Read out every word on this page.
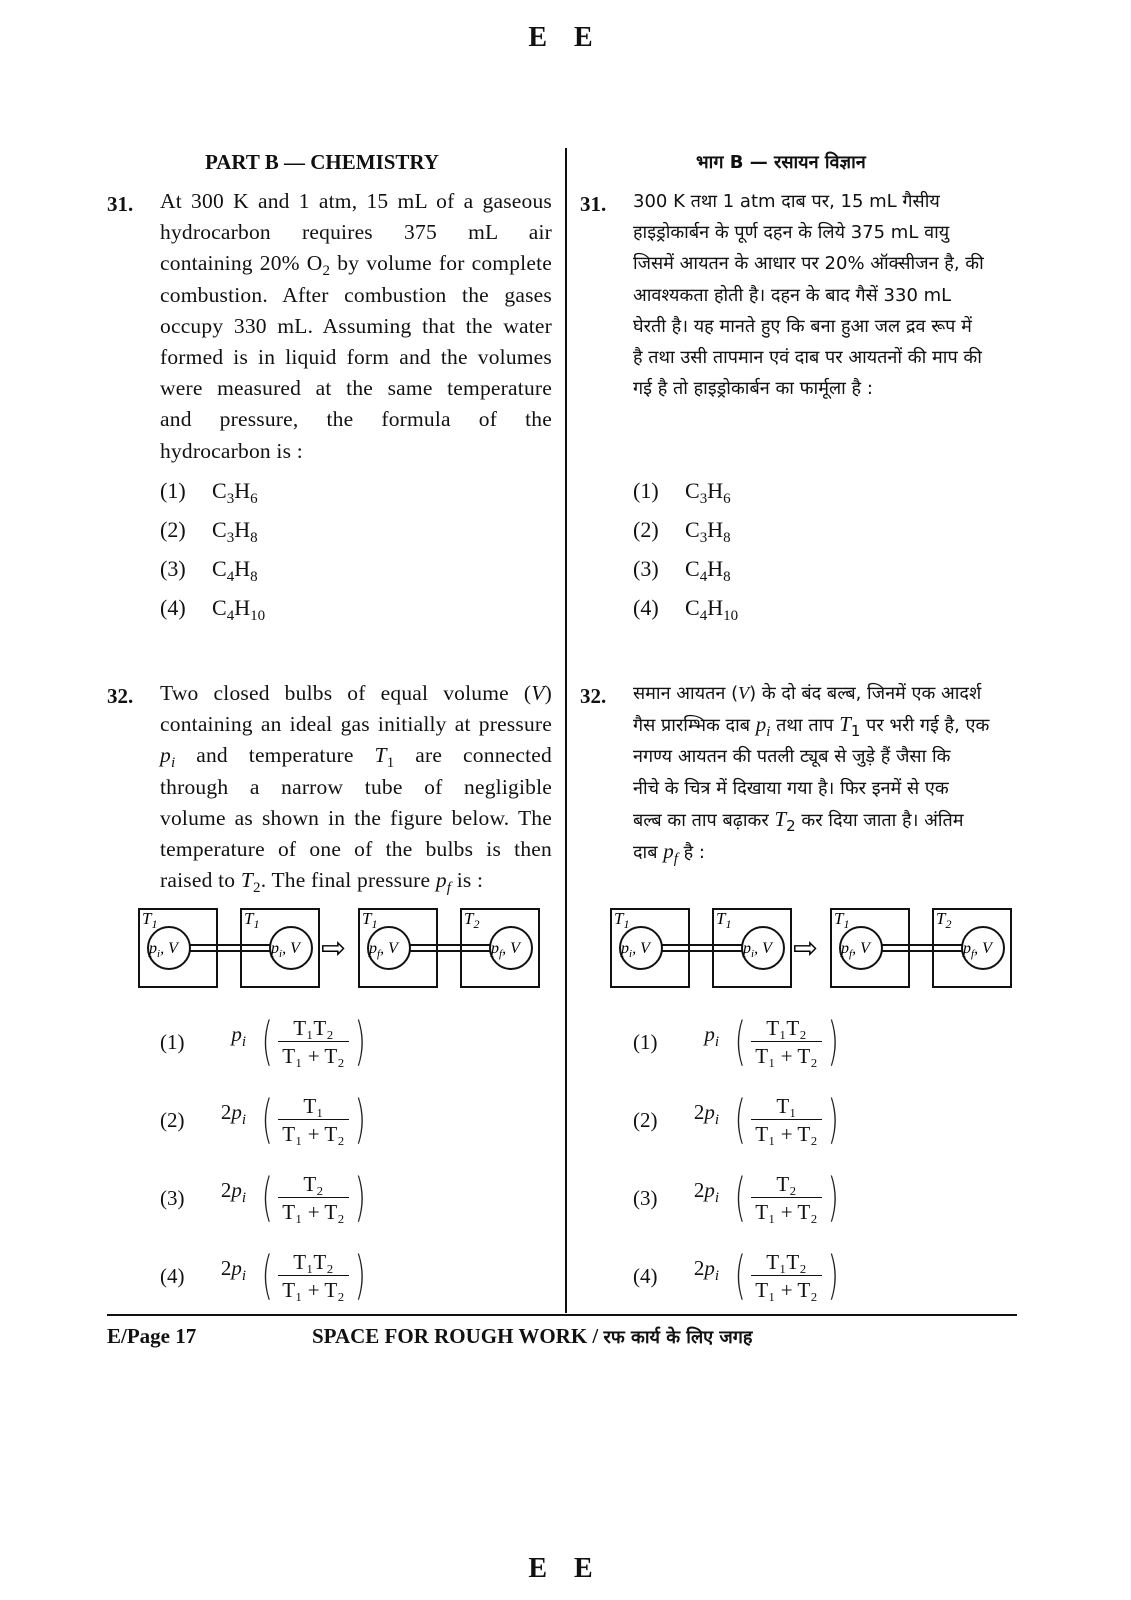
E E
PART B — CHEMISTRY	भाग B — रसायन विज्ञान
31. At 300 K and 1 atm, 15 mL of a gaseous
hydrocarbon requires 375 mL air
containing 20% $O_2$ by volume for complete
combustion. After combustion the gases
occupy 330 mL. Assuming that the water
formed is in liquid form and the volumes
were measured at the same temperature
and pressure, the formula of the
hydrocarbon is :
(1) $C_3H_6$
(2) $C_3H_8$
(3) $C_4H_8$
(4) $C_4H_{10}$
31. 300 K तथा 1 atm दाब पर, 15 mL गैसीय
हाइड्रोकार्बन के पूर्ण दहन के लिये 375 mL वायु
जिसमें आयतन के आधार पर 20% ऑक्सीजन है, की
आवश्यकता होती है। दहन के बाद गैसें 330 mL
घेरती है। यह मानते हुए कि बना हुआ जल द्रव रूप में
है तथा उसी तापमान एवं दाब पर आयतनों की माप की
गई है तो हाइड्रोकार्बन का फार्मूला है :
(1) $C_3H_6$
(2) $C_3H_8$
(3) $C_4H_8$
(4) $C_4H_{10}$
32. Two closed bulbs of equal volume (V)
containing an ideal gas initially at pressure
$p_i$ and temperature $T_1$ are connected
through a narrow tube of negligible
volume as shown in the figure below. The
temperature of one of the bulbs is then
raised to $T_2$. The final pressure $p_f$ is :
32. समान आयतन (V) के दो बंद बल्ब, जिनमें एक आदर्श
गैस प्रारम्भिक दाब $p_i$ तथा ताप $T_1$ पर भरी गई है, एक
नगण्य आयतन की पतली ट्यूब से जुड़े हैं जैसा कि
नीचे के चित्र में दिखाया गया है। फिर इनमें से एक
बल्ब का ताप बढ़ाकर $T_2$ कर दिया जाता है। अंतिम
दाब $p_f$ है :
$T_1$
$p_i$, V
$T_1$
$p_i$, V
$T_1$
$p_f$, V
$T_2$
$p_f$, V
⇨
$T_1$
$p_i$, V
$T_1$
$p_i$, V
$T_1$
$p_f$, V
$T_2$
$p_f$, V
⇨
(1)	$p_i$ ( $\frac{\text{T₁T₂}}{\text{T₁ + T₂}}$ )
(2)	$2p_i$ ( $\frac{\text{T₁}}{\text{T₁ + T₂}}$ )
(3)	$2p_i$ ( $\frac{\text{T₂}}{\text{T₁ + T₂}}$ )
(4)	$2p_i$ ( $\frac{\text{T₁T₂}}{\text{T₁ + T₂}}$ )
(1)	$p_i$ ( $\frac{\text{T₁T₂}}{\text{T₁ + T₂}}$ )
(2)	$2p_i$ ( $\frac{\text{T₁}}{\text{T₁ + T₂}}$ )
(3)	$2p_i$ ( $\frac{\text{T₂}}{\text{T₁ + T₂}}$ )
(4)	$2p_i$ ( $\frac{\text{T₁T₂}}{\text{T₁ + T₂}}$ )
E/Page 17	SPACE FOR ROUGH WORK / रफ कार्य के लिए जगह
E E
